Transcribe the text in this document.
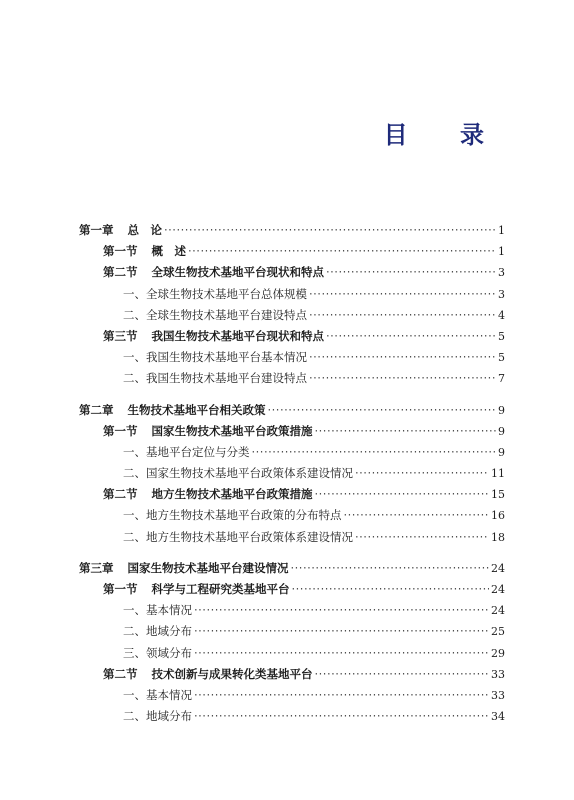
目 录
第一章 总　论 ·····	1
第一节 概　述 ·····	1
第二节 全球生物技术基地平台现状和特点 ·····	3
一、全球生物技术基地平台总体规模 ·····	3
二、全球生物技术基地平台建设特点 ·····	4
第三节 我国生物技术基地平台现状和特点 ·····	5
一、我国生物技术基地平台基本情况 ·····	5
二、我国生物技术基地平台建设特点 ·····	7
第二章 生物技术基地平台相关政策 ·····	9
第一节 国家生物技术基地平台政策措施 ·····	9
一、基地平台定位与分类 ·····	9
二、国家生物技术基地平台政策体系建设情况 ·····	11
第二节 地方生物技术基地平台政策措施 ·····	15
一、地方生物技术基地平台政策的分布特点 ·····	16
二、地方生物技术基地平台政策体系建设情况 ·····	18
第三章 国家生物技术基地平台建设情况 ·····	24
第一节 科学与工程研究类基地平台 ·····	24
一、基本情况 ·····	24
二、地域分布 ·····	25
三、领域分布 ·····	29
第二节 技术创新与成果转化类基地平台 ·····	33
一、基本情况 ·····	33
二、地域分布 ·····	34
